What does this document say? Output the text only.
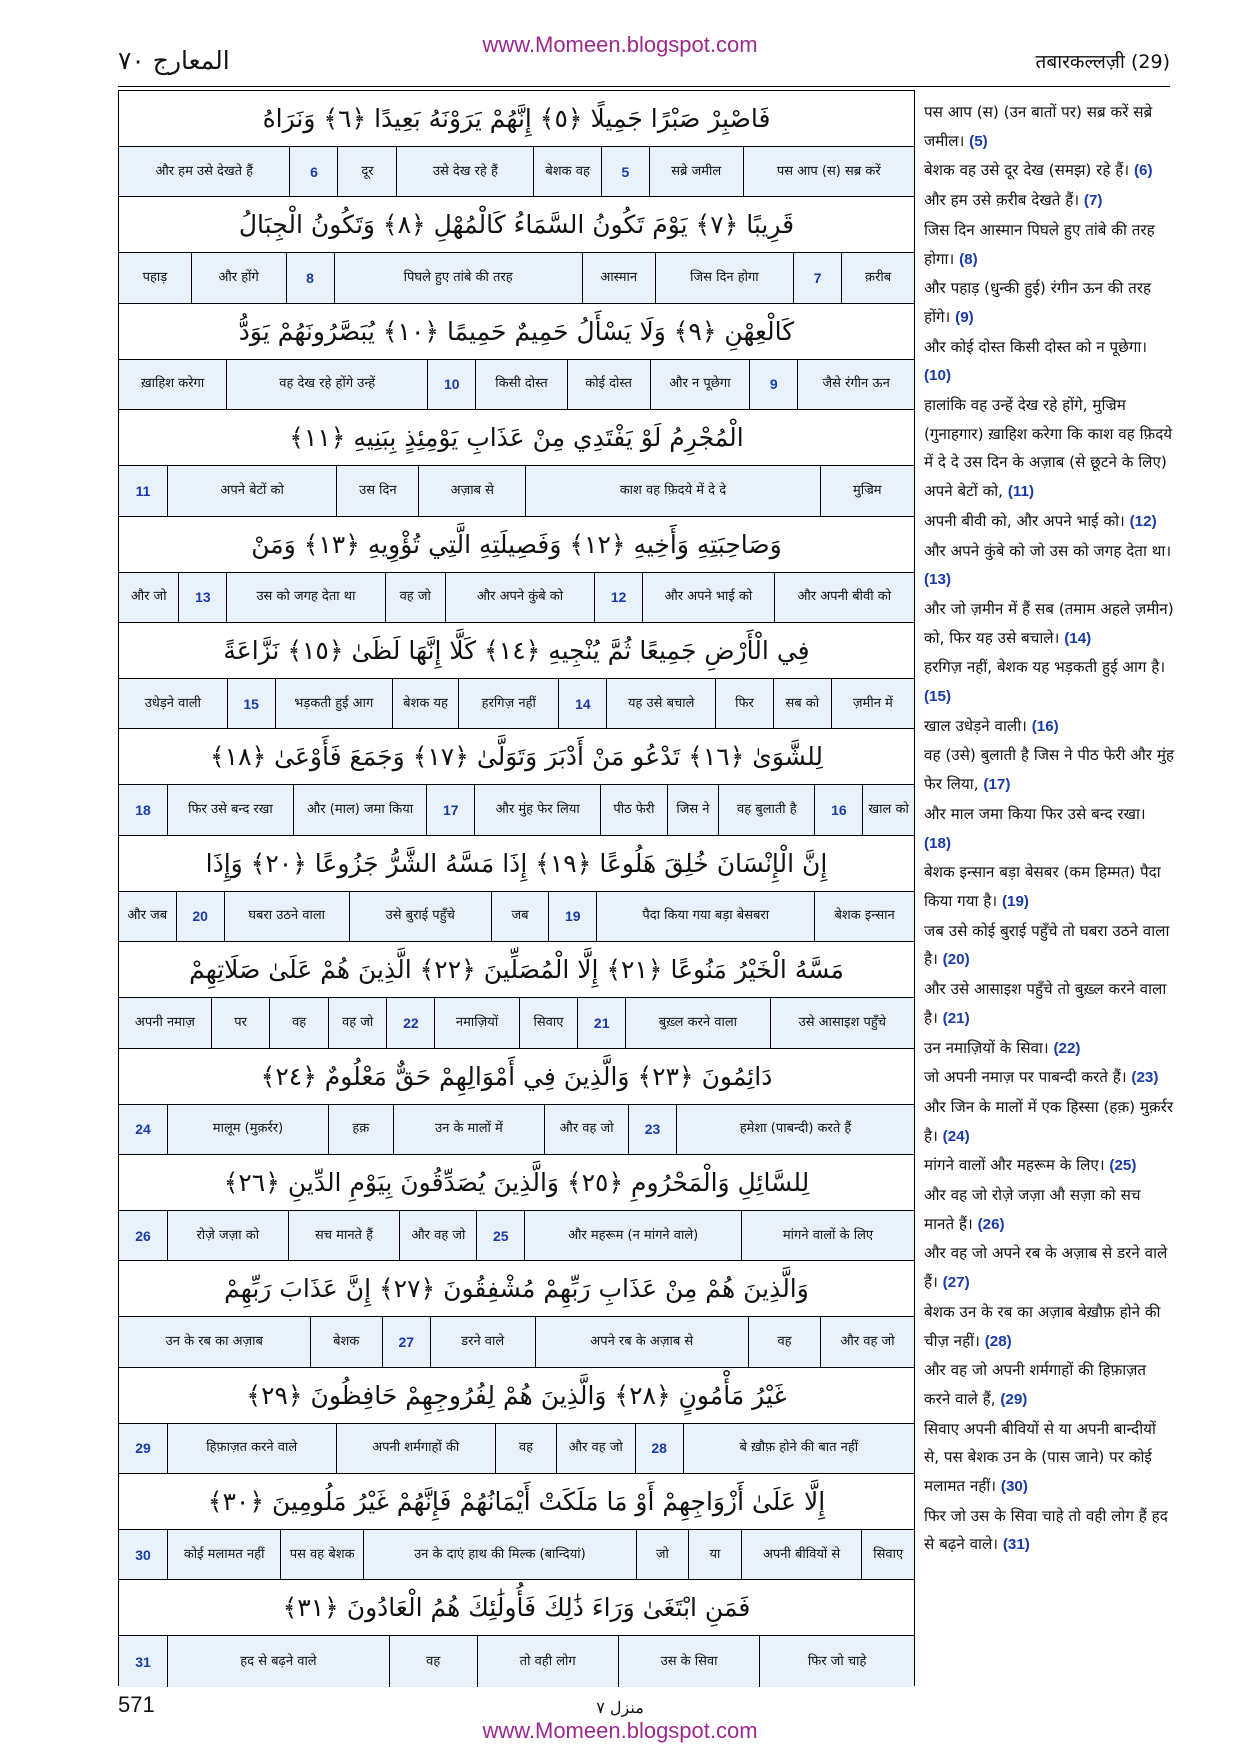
www.Momeen.blogspot.com
المعارج ٧٠	तबारकल्लज़ी (29)
فَاصْبِرْ صَبْرًا جَمِيلًا ﴿٥﴾ إِنَّهُمْ يَرَوْنَهُ بَعِيدًا ﴿٦﴾ وَنَرَاهُ
पस आप (स) सब्र करें
सब्रे जमील
5
बेशक वह
उसे देख रहे हैं
दूर
6
और हम उसे देखते हैं
قَرِيبًا ﴿٧﴾ يَوْمَ تَكُونُ السَّمَاءُ كَالْمُهْلِ ﴿٨﴾ وَتَكُونُ الْجِبَالُ
क़रीब
7
जिस दिन होगा
आस्मान
पिघले हुए तांबे की तरह
8
और होंगे
पहाड़
كَالْعِهْنِ ﴿٩﴾ وَلَا يَسْأَلُ حَمِيمٌ حَمِيمًا ﴿١٠﴾ يُبَصَّرُونَهُمْ يَوَدُّ
जैसे रंगीन ऊन
9
और न पूछेगा
कोई दोस्त
किसी दोस्त
10
वह देख रहे होंगे उन्हें
ख़ाहिश करेगा
الْمُجْرِمُ لَوْ يَفْتَدِي مِنْ عَذَابِ يَوْمِئِذٍ بِبَنِيهِ ﴿١١﴾
मुज्रिम
काश वह फ़िदये में दे दे
अज़ाब से
उस दिन
अपने बेटों को
11
وَصَاحِبَتِهِ وَأَخِيهِ ﴿١٢﴾ وَفَصِيلَتِهِ الَّتِي تُؤْوِيهِ ﴿١٣﴾ وَمَنْ
और अपनी बीवी को
और अपने भाई को
12
और अपने कुंबे को
वह जो
उस को जगह देता था
13
और जो
فِي الْأَرْضِ جَمِيعًا ثُمَّ يُنْجِيهِ ﴿١٤﴾ كَلَّا إِنَّهَا لَظَىٰ ﴿١٥﴾ نَزَّاعَةً
ज़मीन में
सब को
फिर
यह उसे बचाले
14
हरगिज़ नहीं
बेशक यह
भड़कती हुई आग
15
उधेड़ने वाली
لِلشَّوَىٰ ﴿١٦﴾ تَدْعُو مَنْ أَدْبَرَ وَتَوَلَّىٰ ﴿١٧﴾ وَجَمَعَ فَأَوْعَىٰ ﴿١٨﴾
खाल को
16
वह बुलाती है
जिस ने
पीठ फेरी
और मुंह फेर लिया
17
और (माल) जमा किया
फिर उसे बन्द रखा
18
إِنَّ الْإِنْسَانَ خُلِقَ هَلُوعًا ﴿١٩﴾ إِذَا مَسَّهُ الشَّرُّ جَزُوعًا ﴿٢٠﴾ وَإِذَا
बेशक इन्सान
पैदा किया गया बड़ा बेसबरा
19
जब
उसे बुराई पहुँचे
घबरा उठने वाला
20
और जब
مَسَّهُ الْخَيْرُ مَنُوعًا ﴿٢١﴾ إِلَّا الْمُصَلِّينَ ﴿٢٢﴾ الَّذِينَ هُمْ عَلَىٰ صَلَاتِهِمْ
उसे आसाइश पहुँचे
बुख़्ल करने वाला
21
सिवाए
नमाज़ियों
22
वह जो
वह
पर
अपनी नमाज़
دَائِمُونَ ﴿٢٣﴾ وَالَّذِينَ فِي أَمْوَالِهِمْ حَقٌّ مَعْلُومٌ ﴿٢٤﴾
हमेशा (पाबन्दी) करते हैं
23
और वह जो
उन के मालों में
हक़
मालूम (मुक़र्रर)
24
لِلسَّائِلِ وَالْمَحْرُومِ ﴿٢٥﴾ وَالَّذِينَ يُصَدِّقُونَ بِيَوْمِ الدِّينِ ﴿٢٦﴾
मांगने वालों के लिए
और महरूम (न मांगने वाले)
25
और वह जो
सच मानते हैं
रोज़े जज़ा को
26
وَالَّذِينَ هُمْ مِنْ عَذَابِ رَبِّهِمْ مُشْفِقُونَ ﴿٢٧﴾ إِنَّ عَذَابَ رَبِّهِمْ
और वह जो
वह
अपने रब के अज़ाब से
डरने वाले
27
बेशक
उन के रब का अज़ाब
غَيْرُ مَأْمُونٍ ﴿٢٨﴾ وَالَّذِينَ هُمْ لِفُرُوجِهِمْ حَافِظُونَ ﴿٢٩﴾
बे ख़ौफ़ होने की बात नहीं
28
और वह जो
वह
अपनी शर्मगाहों की
हिफ़ाज़त करने वाले
29
إِلَّا عَلَىٰ أَزْوَاجِهِمْ أَوْ مَا مَلَكَتْ أَيْمَانُهُمْ فَإِنَّهُمْ غَيْرُ مَلُومِينَ ﴿٣٠﴾
सिवाए
अपनी बीवियों से
या
जो
उन के दाएं हाथ की मिल्क (बान्दियां)
पस वह बेशक
कोई मलामत नहीं
30
فَمَنِ ابْتَغَىٰ وَرَاءَ ذَٰلِكَ فَأُولَٰئِكَ هُمُ الْعَادُونَ ﴿٣١﴾
फिर जो चाहे
उस के सिवा
तो वही लोग
वह
हद से बढ़ने वाले
31
पस आप (स) (उन बातों पर) सब्र करें सब्रे जमील। (5)
बेशक वह उसे दूर देख (समझ) रहे हैं। (6)
और हम उसे क़रीब देखते हैं। (7)
जिस दिन आस्मान पिघले हुए तांबे की तरह होगा। (8)
और पहाड़ (धुन्की हुई) रंगीन ऊन की तरह होंगे। (9)
और कोई दोस्त किसी दोस्त को न पूछेगा। (10)
हालांकि वह उन्हें देख रहे होंगे, मुज्रिम (गुनाहगार) ख़ाहिश करेगा कि काश वह फ़िदये में दे दे उस दिन के अज़ाब (से छूटने के लिए) अपने बेटों को, (11)
अपनी बीवी को, और अपने भाई को। (12)
और अपने कुंबे को जो उस को जगह देता था। (13)
और जो ज़मीन में हैं सब (तमाम अहले ज़मीन) को, फिर यह उसे बचाले। (14)
हरगिज़ नहीं, बेशक यह भड़कती हुई आग है। (15)
खाल उधेड़ने वाली। (16)
वह (उसे) बुलाती है जिस ने पीठ फेरी और मुंह फेर लिया, (17)
और माल जमा किया फिर उसे बन्द रखा। (18)
बेशक इन्सान बड़ा बेसबर (कम हिम्मत) पैदा किया गया है। (19)
जब उसे कोई बुराई पहुँचे तो घबरा उठने वाला है। (20)
और उसे आसाइश पहुँचे तो बुख़्ल करने वाला है। (21)
उन नमाज़ियों के सिवा। (22)
जो अपनी नमाज़ पर पाबन्दी करते हैं। (23)
और जिन के मालों में एक हिस्सा (हक़) मुक़र्रर है। (24)
मांगने वालों और महरूम के लिए। (25)
और वह जो रोज़े जज़ा औ सज़ा को सच मानते हैं। (26)
और वह जो अपने रब के अज़ाब से डरने वाले हैं। (27)
बेशक उन के रब का अज़ाब बेख़ौफ़ होने की चीज़ नहीं। (28)
और वह जो अपनी शर्मगाहों की हिफ़ाज़त करने वाले हैं, (29)
सिवाए अपनी बीवियों से या अपनी बान्दीयों से, पस बेशक उन के (पास जाने) पर कोई मलामत नहीं। (30)
फिर जो उस के सिवा चाहे तो वही लोग हैं हद से बढ़ने वाले। (31)
571	منزل ٧
www.Momeen.blogspot.com
